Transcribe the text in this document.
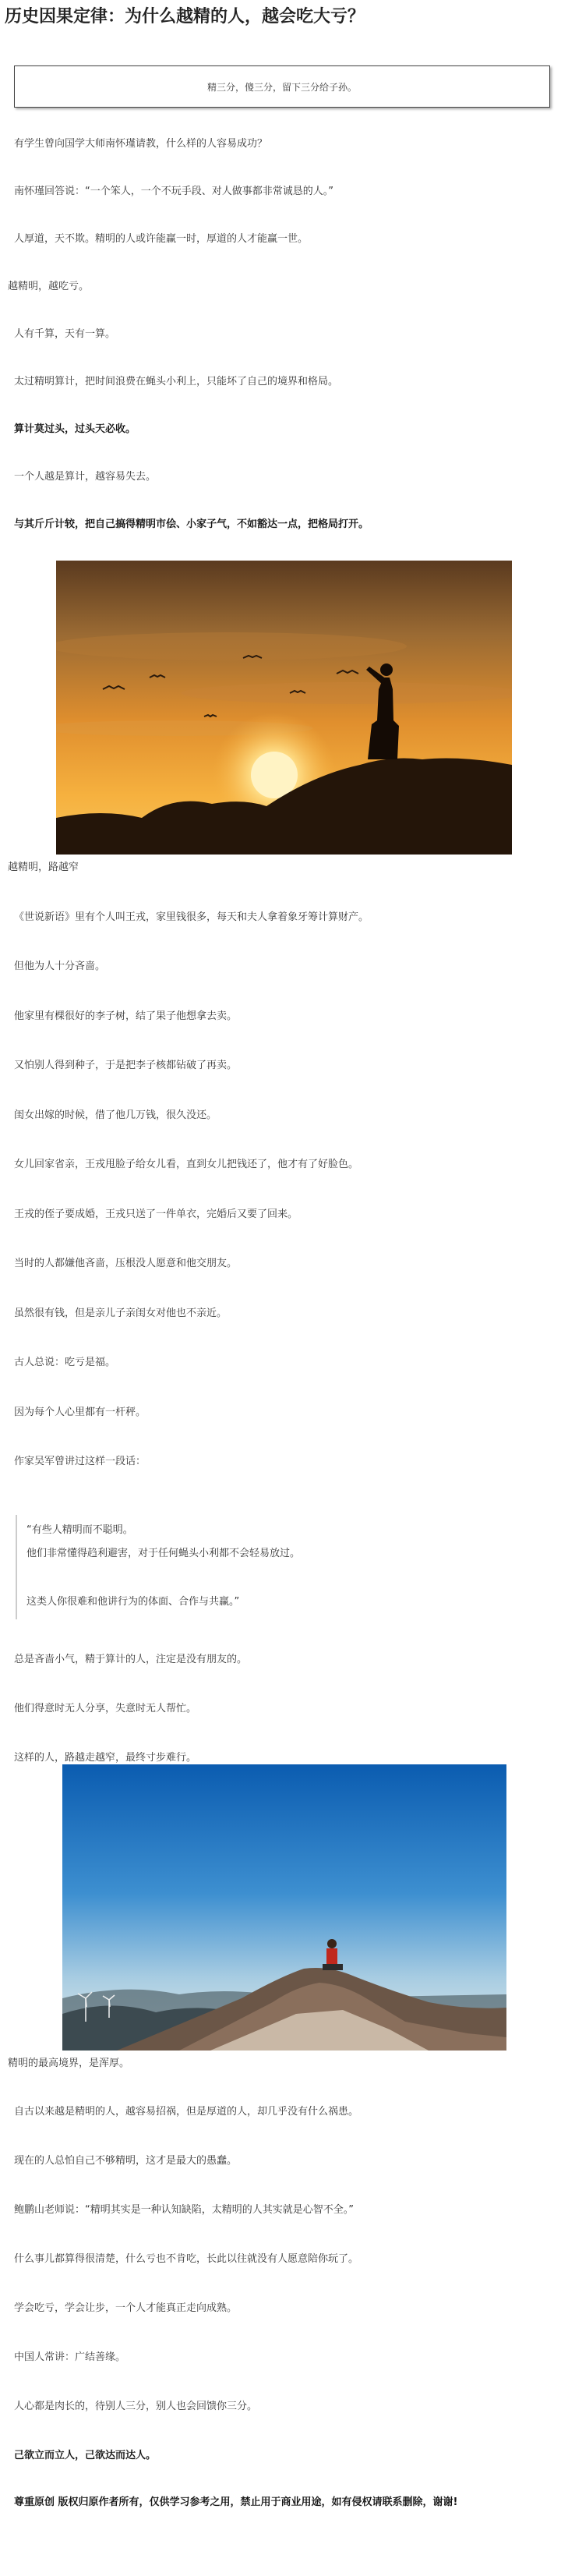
历史因果定律：为什么越精的人，越会吃大亏？
精三分，傻三分，留下三分给子孙。

有学生曾向国学大师南怀瑾请教，什么样的人容易成功？

南怀瑾回答说：“一个笨人，一个不玩手段、对人做事都非常诚恳的人。”

人厚道，天不欺。精明的人或许能赢一时，厚道的人才能赢一世。

越精明，越吃亏。

人有千算，天有一算。

太过精明算计，把时间浪费在蝇头小利上，只能坏了自己的境界和格局。

算计莫过头，过头天必收。

一个人越是算计，越容易失去。

与其斤斤计较，把自己搞得精明市侩、小家子气，不如豁达一点，把格局打开。

越精明，路越窄

《世说新语》里有个人叫王戎，家里钱很多，每天和夫人拿着象牙筹计算财产。

但他为人十分吝啬。

他家里有棵很好的李子树，结了果子他想拿去卖。

又怕别人得到种子，于是把李子核都钻破了再卖。

闺女出嫁的时候，借了他几万钱，很久没还。

女儿回家省亲，王戎甩脸子给女儿看，直到女儿把钱还了，他才有了好脸色。

王戎的侄子要成婚，王戎只送了一件单衣，完婚后又要了回来。

当时的人都嫌他吝啬，压根没人愿意和他交朋友。

虽然很有钱，但是亲儿子亲闺女对他也不亲近。

古人总说：吃亏是福。

因为每个人心里都有一杆秤。

作家吴军曾讲过这样一段话：

“有些人精明而不聪明。

他们非常懂得趋利避害，对于任何蝇头小利都不会轻易放过。

这类人你很难和他讲行为的体面、合作与共赢。”

总是吝啬小气，精于算计的人，注定是没有朋友的。

他们得意时无人分享，失意时无人帮忙。

这样的人，路越走越窄，最终寸步难行。

精明的最高境界，是浑厚。

自古以来越是精明的人，越容易招祸，但是厚道的人，却几乎没有什么祸患。

现在的人总怕自己不够精明，这才是最大的愚蠢。

鲍鹏山老师说：“精明其实是一种认知缺陷，太精明的人其实就是心智不全。”

什么事儿都算得很清楚，什么亏也不肯吃，长此以往就没有人愿意陪你玩了。

学会吃亏，学会让步，一个人才能真正走向成熟。

中国人常讲：广结善缘。

人心都是肉长的，待别人三分，别人也会回馈你三分。

己欲立而立人，己欲达而达人。

尊重原创 版权归原作者所有，仅供学习参考之用，禁止用于商业用途，如有侵权请联系删除，谢谢!
